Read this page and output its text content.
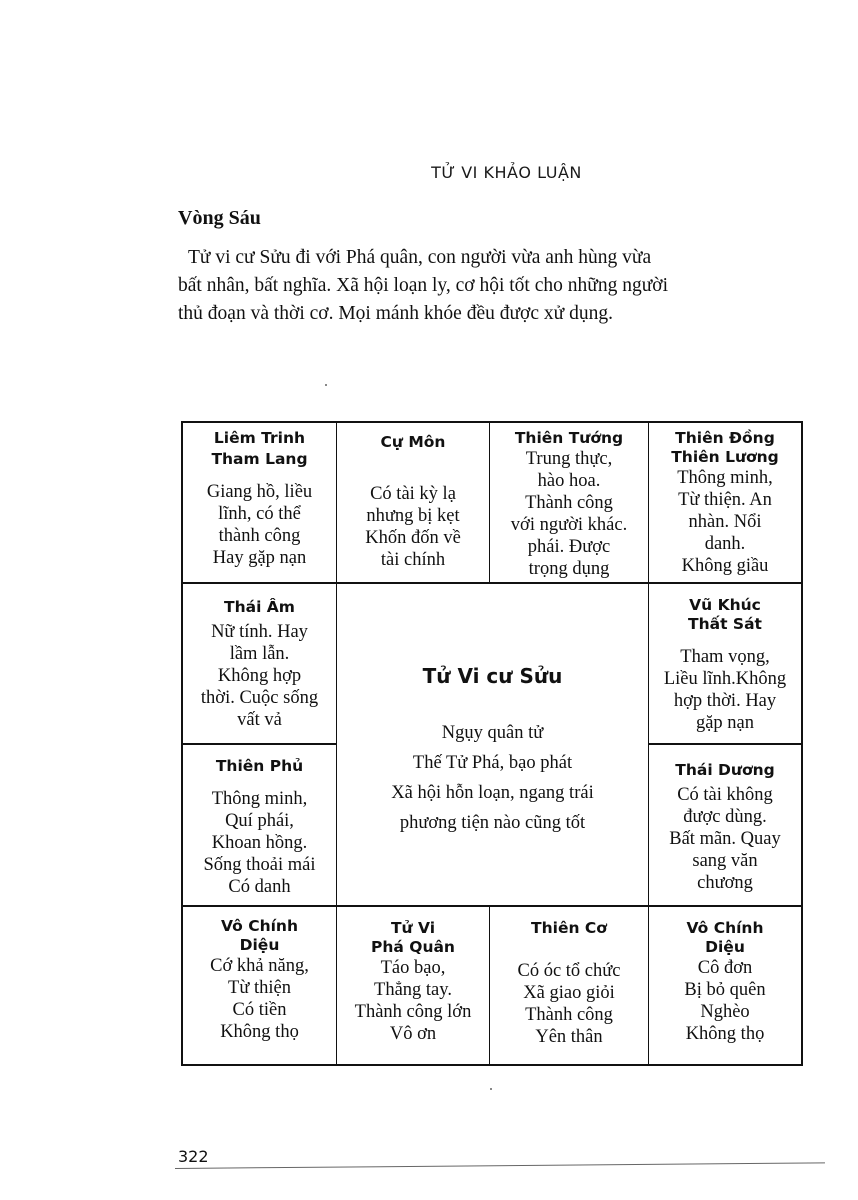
TỬ VI KHẢO LUẬN
Vòng Sáu
Tử vi cư Sửu đi với Phá quân, con người vừa anh hùng vừa
bất nhân, bất nghĩa. Xã hội loạn ly, cơ hội tốt cho những người
thủ đoạn và thời cơ. Mọi mánh khóe đều được xử dụng.
Liêm Trinh
Tham Lang
Giang hồ, liều
lĩnh, có thể
thành công
Hay gặp nạn
Cự Môn
Có tài kỳ lạ
nhưng bị kẹt
Khốn đốn về
tài chính
Thiên Tướng
Trung thực,
hào hoa.
Thành công
với người khác.
phái. Được
trọng dụng
Thiên Đồng
Thiên Lương
Thông minh,
Từ thiện. An
nhàn. Nổi
danh.
Không giầu
Thái Âm
Nữ tính. Hay
lầm lẫn.
Không hợp
thời. Cuộc sống
vất vả
Tử Vi cư Sửu
Ngụy quân tử
Thế Tử Phá, bạo phát
Xã hội hỗn loạn, ngang trái
phương tiện nào cũng tốt
Vũ Khúc
Thất Sát
Tham vọng,
Liều lĩnh.Không
hợp thời. Hay
gặp nạn
Thiên Phủ
Thông minh,
Quí phái,
Khoan hồng.
Sống thoải mái
Có danh
Thái Dương
Có tài không
được dùng.
Bất mãn. Quay
sang văn
chương
Vô Chính
Diệu
Cớ khả năng,
Từ thiện
Có tiền
Không thọ
Tử Vi
Phá Quân
Táo bạo,
Thẳng tay.
Thành công lớn
Vô ơn
Thiên Cơ
Có óc tổ chức
Xã giao giỏi
Thành công
Yên thân
Vô Chính
Diệu
Cô đơn
Bị bỏ quên
Nghèo
Không thọ
322
